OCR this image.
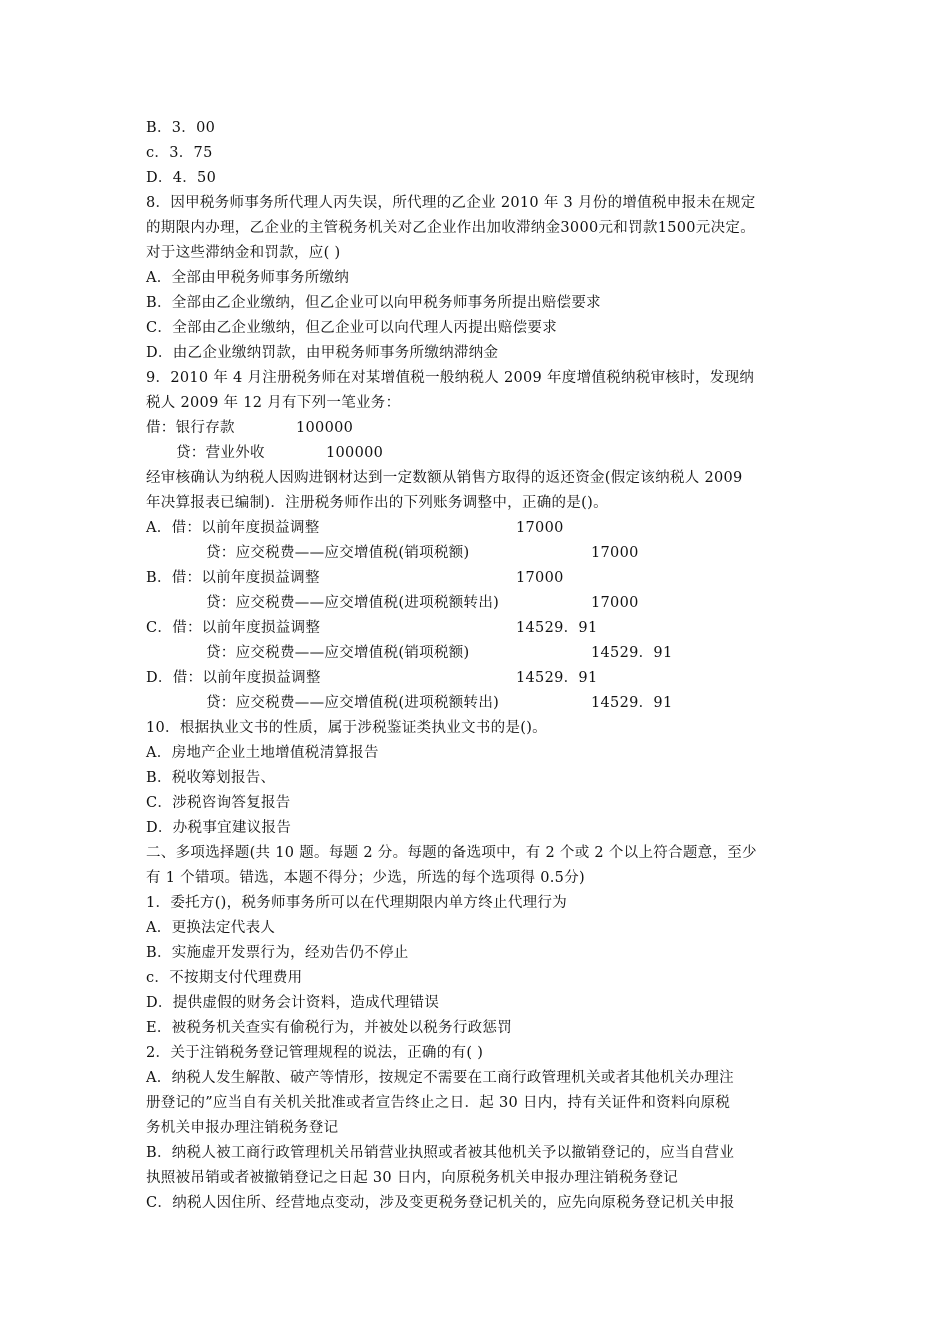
B．3．00
c．3．75
D．4．50
8．因甲税务师事务所代理人丙失误，所代理的乙企业 2010 年 3 月份的增值税申报未在规定
的期限内办理，乙企业的主管税务机关对乙企业作出加收滞纳金3000元和罚款1500元决定。
对于这些滞纳金和罚款，应( )
A．全部由甲税务师事务所缴纳
B．全部由乙企业缴纳，但乙企业可以向甲税务师事务所提出赔偿要求
C．全部由乙企业缴纳，但乙企业可以向代理人丙提出赔偿要求
D．由乙企业缴纳罚款，由甲税务师事务所缴纳滞纳金
9．2010 年 4 月注册税务师在对某增值税一般纳税人 2009 年度增值税纳税审核时，发现纳
税人 2009 年 12 月有下列一笔业务：
借：银行存款	100000
贷：营业外收	100000
经审核确认为纳税人因购进钢材达到一定数额从销售方取得的返还资金(假定该纳税人 2009
年决算报表已编制)．注册税务师作出的下列账务调整中，正确的是()。
A．借：以前年度损益调整	17000
贷：应交税费——应交增值税(销项税额)	17000
B．借：以前年度损益调整	17000
贷：应交税费——应交增值税(进项税额转出)	17000
C．借：以前年度损益调整	14529．91
贷：应交税费——应交增值税(销项税额)	14529．91
D．借：以前年度损益调整	14529．91
贷：应交税费——应交增值税(进项税额转出)	14529．91
10．根据执业文书的性质，属于涉税鉴证类执业文书的是()。
A．房地产企业土地增值税清算报告
B．税收筹划报告、
C．涉税咨询答复报告
D．办税事宜建议报告
二、多项选择题(共 10 题。每题 2 分。每题的备选项中，有 2 个或 2 个以上符合题意，至少
有 1 个错项。错选，本题不得分；少选，所选的每个选项得 0.5分)
1．委托方()，税务师事务所可以在代理期限内单方终止代理行为
A．更换法定代表人
B．实施虚开发票行为，经劝告仍不停止
c．不按期支付代理费用
D．提供虚假的财务会计资料，造成代理错误
E．被税务机关查实有偷税行为，并被处以税务行政惩罚
2．关于注销税务登记管理规程的说法，正确的有( )
A．纳税人发生解散、破产等情形，按规定不需要在工商行政管理机关或者其他机关办理注
册登记的”应当自有关机关批准或者宣告终止之日．起 30 日内，持有关证件和资料向原税
务机关申报办理注销税务登记
B．纳税人被工商行政管理机关吊销营业执照或者被其他机关予以撤销登记的，应当自营业
执照被吊销或者被撤销登记之日起 30 日内，向原税务机关申报办理注销税务登记
C．纳税人因住所、经营地点变动，涉及变更税务登记机关的，应先向原税务登记机关申报
